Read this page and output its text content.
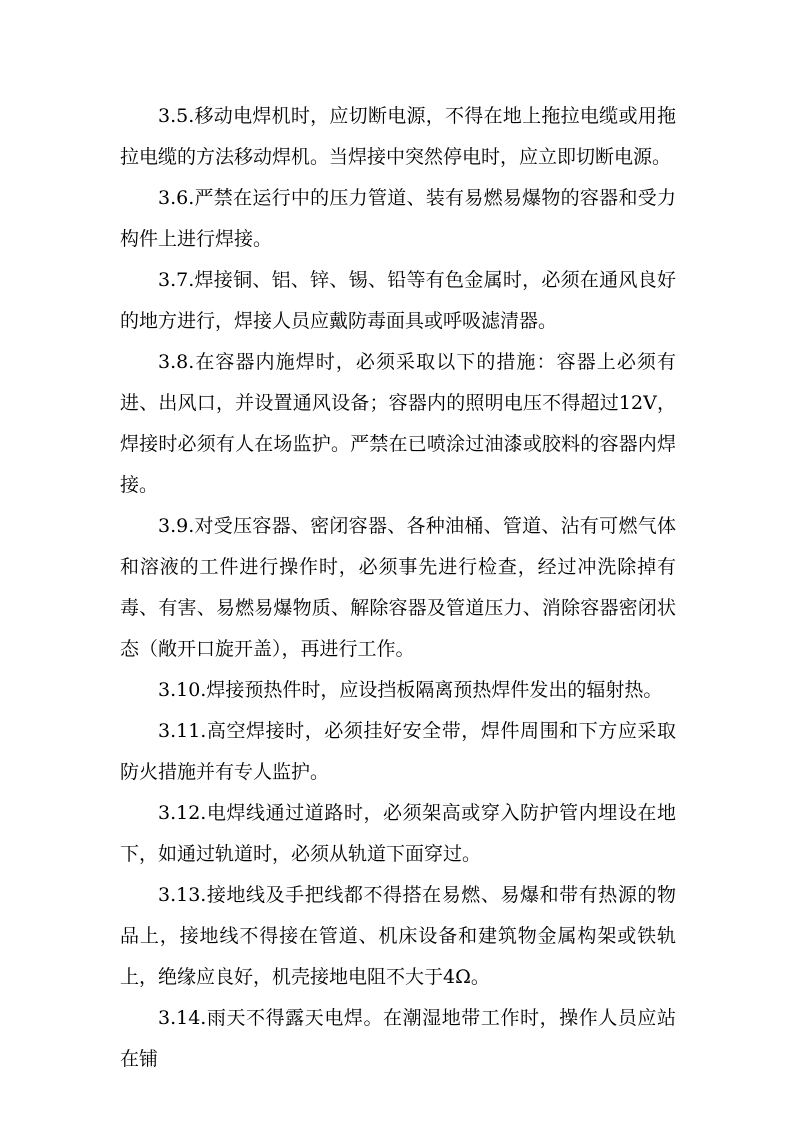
3.5.移动电焊机时，应切断电源，不得在地上拖拉电缆或用拖拉电缆的方法移动焊机。当焊接中突然停电时，应立即切断电源。

3.6.严禁在运行中的压力管道、装有易燃易爆物的容器和受力构件上进行焊接。

3.7.焊接铜、铝、锌、锡、铅等有色金属时，必须在通风良好的地方进行，焊接人员应戴防毒面具或呼吸滤清器。

3.8.在容器内施焊时，必须采取以下的措施：容器上必须有进、出风口，并设置通风设备；容器内的照明电压不得超过12V，焊接时必须有人在场监护。严禁在已喷涂过油漆或胶料的容器内焊接。

3.9.对受压容器、密闭容器、各种油桶、管道、沾有可燃气体和溶液的工件进行操作时，必须事先进行检查，经过冲洗除掉有毒、有害、易燃易爆物质、解除容器及管道压力、消除容器密闭状态（敞开口旋开盖），再进行工作。

3.10.焊接预热件时，应设挡板隔离预热焊件发出的辐射热。

3.11.高空焊接时，必须挂好安全带，焊件周围和下方应采取防火措施并有专人监护。

3.12.电焊线通过道路时，必须架高或穿入防护管内埋设在地下，如通过轨道时，必须从轨道下面穿过。

3.13.接地线及手把线都不得搭在易燃、易爆和带有热源的物品上，接地线不得接在管道、机床设备和建筑物金属构架或铁轨上，绝缘应良好，机壳接地电阻不大于4Ω。

3.14.雨天不得露天电焊。在潮湿地带工作时，操作人员应站在铺
